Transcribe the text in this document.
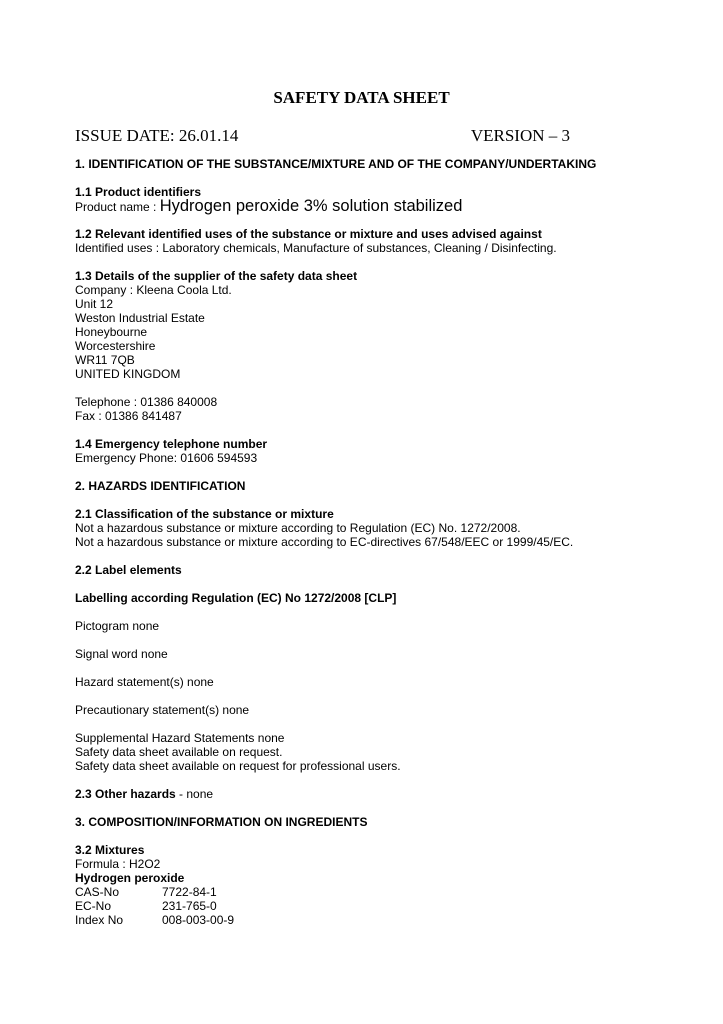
SAFETY DATA SHEET
ISSUE DATE: 26.01.14	VERSION – 3
1. IDENTIFICATION OF THE SUBSTANCE/MIXTURE AND OF THE COMPANY/UNDERTAKING
1.1 Product identifiers
Product name : Hydrogen peroxide 3% solution stabilized
1.2 Relevant identified uses of the substance or mixture and uses advised against
Identified uses : Laboratory chemicals, Manufacture of substances, Cleaning / Disinfecting.
1.3 Details of the supplier of the safety data sheet
Company : Kleena Coola Ltd.
Unit 12
Weston Industrial Estate
Honeybourne
Worcestershire
WR11 7QB
UNITED KINGDOM
Telephone : 01386 840008
Fax : 01386 841487
1.4 Emergency telephone number
Emergency Phone: 01606 594593
2. HAZARDS IDENTIFICATION
2.1 Classification of the substance or mixture
Not a hazardous substance or mixture according to Regulation (EC) No. 1272/2008.
Not a hazardous substance or mixture according to EC-directives 67/548/EEC or 1999/45/EC.
2.2 Label elements
Labelling according Regulation (EC) No 1272/2008 [CLP]
Pictogram none
Signal word none
Hazard statement(s) none
Precautionary statement(s) none
Supplemental Hazard Statements none
Safety data sheet available on request.
Safety data sheet available on request for professional users.
2.3 Other hazards - none
3. COMPOSITION/INFORMATION ON INGREDIENTS
3.2 Mixtures
Formula : H2O2
Hydrogen peroxide
CAS-No	7722-84-1
EC-No	231-765-0
Index No	008-003-00-9
